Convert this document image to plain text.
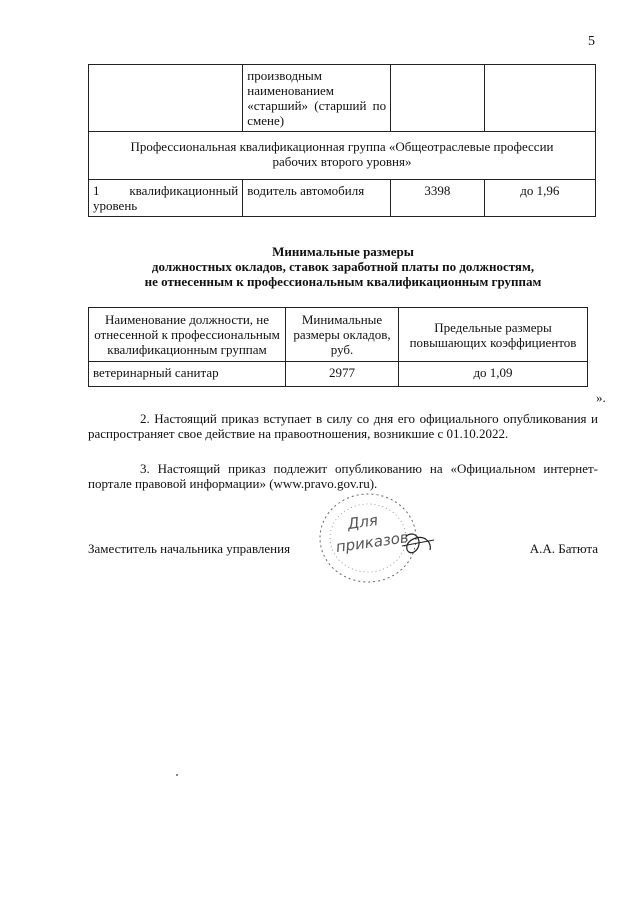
5
	производным наименованием «старший» (старший по смене)		
Профессиональная квалификационная группа «Общеотраслевые профессии рабочих второго уровня»			

1 квалификационный
уровень	водитель автомобиля	3398	до 1,96
Минимальные размеры
должностных окладов, ставок заработной платы по должностям,
не отнесенным к профессиональным квалификационным группам
Наименование должности, не отнесенной к профессиональным квалификационным группам	Минимальные размеры окладов, руб.	Предельные размеры повышающих коэффициентов
ветеринарный санитар	2977	до 1,09
».
2. Настоящий приказ вступает в силу со дня его официального опубликования и распространяет свое действие на правоотношения, возникшие с 01.10.2022.
3. Настоящий приказ подлежит опубликованию на «Официальном интернет-портале правовой информации» (www.pravo.gov.ru).
Заместитель начальника управления	А.А. Батюта
Для
приказов
